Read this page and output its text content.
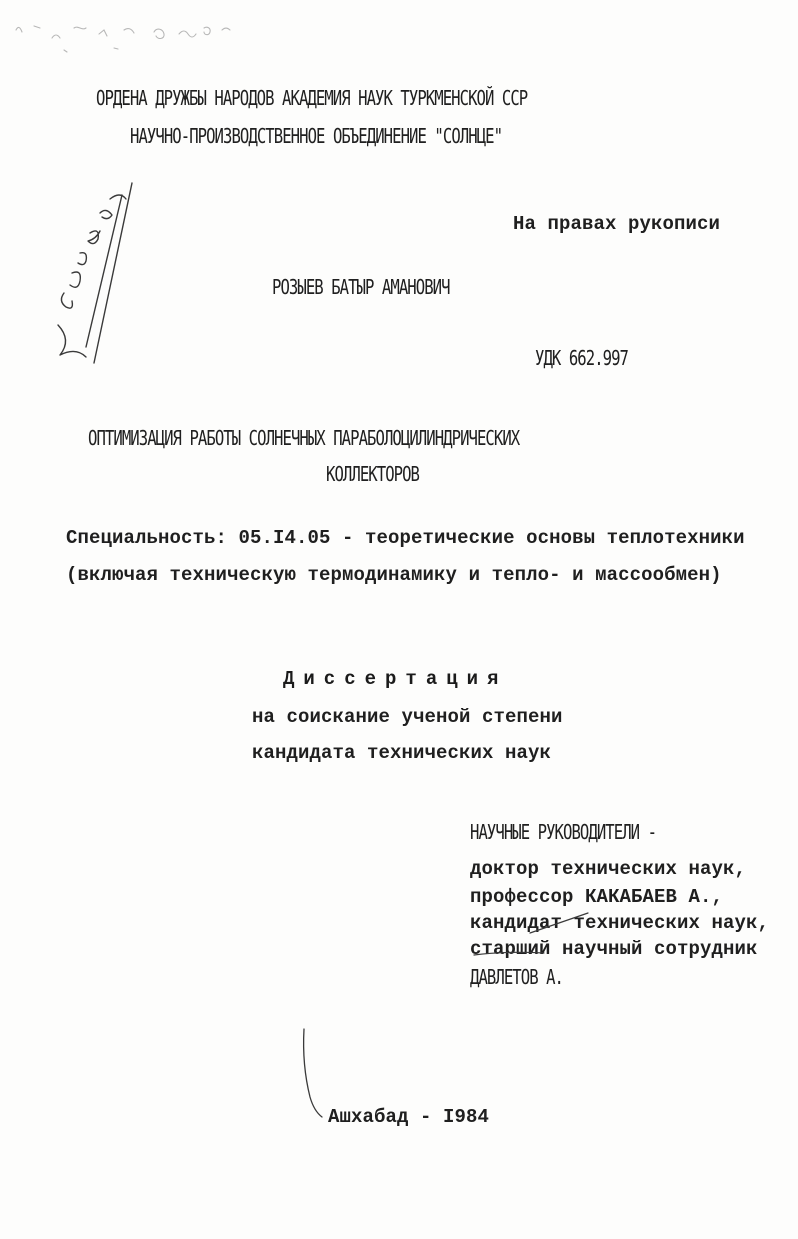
ОРДЕНА ДРУЖБЫ НАРОДОВ АКАДЕМИЯ НАУК ТУРКМЕНСКОЙ ССР
НАУЧНО-ПРОИЗВОДСТВЕННОЕ ОБЪЕДИНЕНИЕ "СОЛНЦЕ"
На правах рукописи
РОЗЫЕВ БАТЫР АМАНОВИЧ
УДК 662.997
ОПТИМИЗАЦИЯ РАБОТЫ СОЛНЕЧНЫХ ПАРАБОЛОЦИЛИНДРИЧЕСКИХ
КОЛЛЕКТОРОВ
Специальность: 05.I4.05 - теоретические основы теплотехники
(включая техническую термодинамику и тепло- и массообмен)
Диссертация
на соискание ученой степени
кандидата технических наук
НАУЧНЫЕ РУКОВОДИТЕЛИ -
доктор технических наук,
профессор КАКАБАЕВ А.,
кандидат технических наук,
старший научный сотрудник
ДАВЛЕТОВ А.
Ашхабад - I984
